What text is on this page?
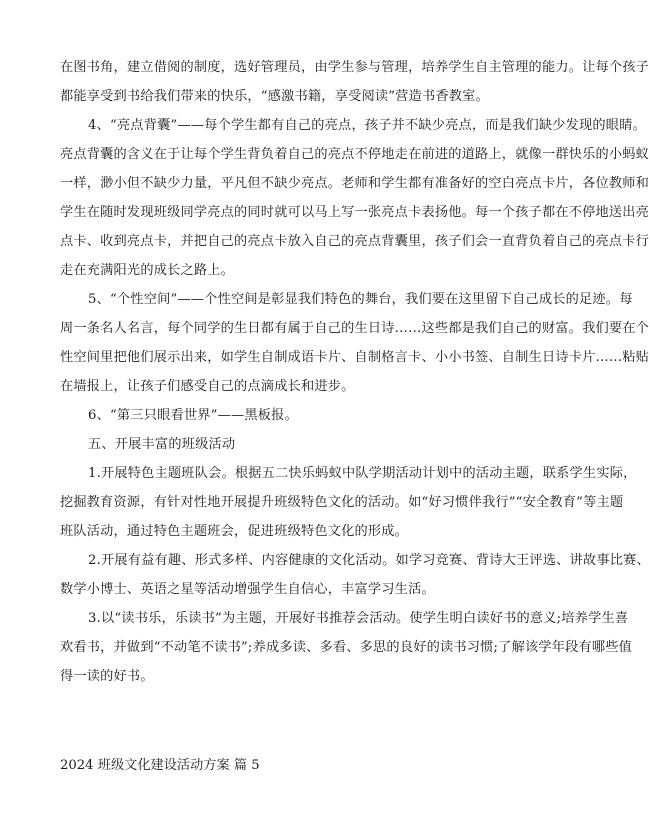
在图书角，建立借阅的制度，选好管理员，由学生参与管理，培养学生自主管理的能力。让每个孩子
都能享受到书给我们带来的快乐，“感激书籍，享受阅读”营造书香教室。
4、“亮点背囊”——每个学生都有自己的亮点，孩子并不缺少亮点，而是我们缺少发现的眼睛。
亮点背囊的含义在于让每个学生背负着自己的亮点不停地走在前进的道路上，就像一群快乐的小蚂蚁
一样，渺小但不缺少力量，平凡但不缺少亮点。老师和学生都有准备好的空白亮点卡片，各位教师和
学生在随时发现班级同学亮点的同时就可以马上写一张亮点卡表扬他。每一个孩子都在不停地送出亮
点卡、收到亮点卡，并把自己的亮点卡放入自己的亮点背囊里，孩子们会一直背负着自己的亮点卡行
走在充满阳光的成长之路上。
5、“个性空间”——个性空间是彰显我们特色的舞台，我们要在这里留下自己成长的足迹。每
周一条名人名言，每个同学的生日都有属于自己的生日诗……这些都是我们自己的财富。我们要在个
性空间里把他们展示出来，如学生自制成语卡片、自制格言卡、小小书签、自制生日诗卡片……粘贴
在墙报上，让孩子们感受自己的点滴成长和进步。
6、“第三只眼看世界”——黑板报。
五、开展丰富的班级活动
1.开展特色主题班队会。根据五二快乐蚂蚁中队学期活动计划中的活动主题，联系学生实际，
挖掘教育资源，有针对性地开展提升班级特色文化的活动。如“好习惯伴我行”“安全教育”等主题
班队活动，通过特色主题班会，促进班级特色文化的形成。
2.开展有益有趣、形式多样、内容健康的文化活动。如学习竞赛、背诗大王评选、讲故事比赛、
数学小博士、英语之星等活动增强学生自信心，丰富学习生活。
3.以“读书乐，乐读书”为主题，开展好书推荐会活动。使学生明白读好书的意义;培养学生喜
欢看书，并做到“不动笔不读书”;养成多读、多看、多思的良好的读书习惯;了解该学年段有哪些值
得一读的好书。
2024 班级文化建设活动方案 篇 5
